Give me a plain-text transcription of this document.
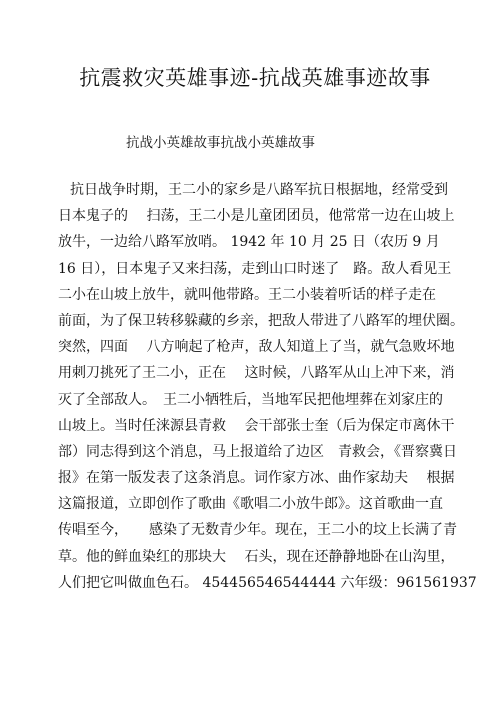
抗震救灾英雄事迹-抗战英雄事迹故事
抗战小英雄故事抗战小英雄故事
抗日战争时期，王二小的家乡是八路军抗日根据地，经常受到
日本鬼子的　 扫荡，王二小是儿童团团员，他常常一边在山坡上
放牛，一边给八路军放哨。 1942 年 10 月 25 日（农历 9 月
16 日），日本鬼子又来扫荡，走到山口时迷了　路。敌人看见王
二小在山坡上放牛，就叫他带路。王二小装着听话的样子走在
前面，为了保卫转移躲藏的乡亲，把敌人带进了八路军的埋伏圈。
突然，四面　 八方响起了枪声，敌人知道上了当，就气急败坏地
用刺刀挑死了王二小，正在　 这时候，八路军从山上冲下来，消
灭了全部敌人。　王二小牺牲后，当地军民把他埋葬在刘家庄的
山坡上。当时任涞源县青救　 会干部张士奎（后为保定市离休干
部）同志得到这个消息，马上报道给了边区　青救会，《晋察冀日
报》在第一版发表了这条消息。词作家方冰、曲作家劫夫　 根据
这篇报道，立即创作了歌曲《歌唱二小放牛郎》。这首歌曲一直
传唱至今，　　感染了无数青少年。现在，王二小的坟上长满了青
草。他的鲜血染红的那块大　 石头，现在还静静地卧在山沟里，
人们把它叫做血色石。 454456546544444 六年级：961561937
